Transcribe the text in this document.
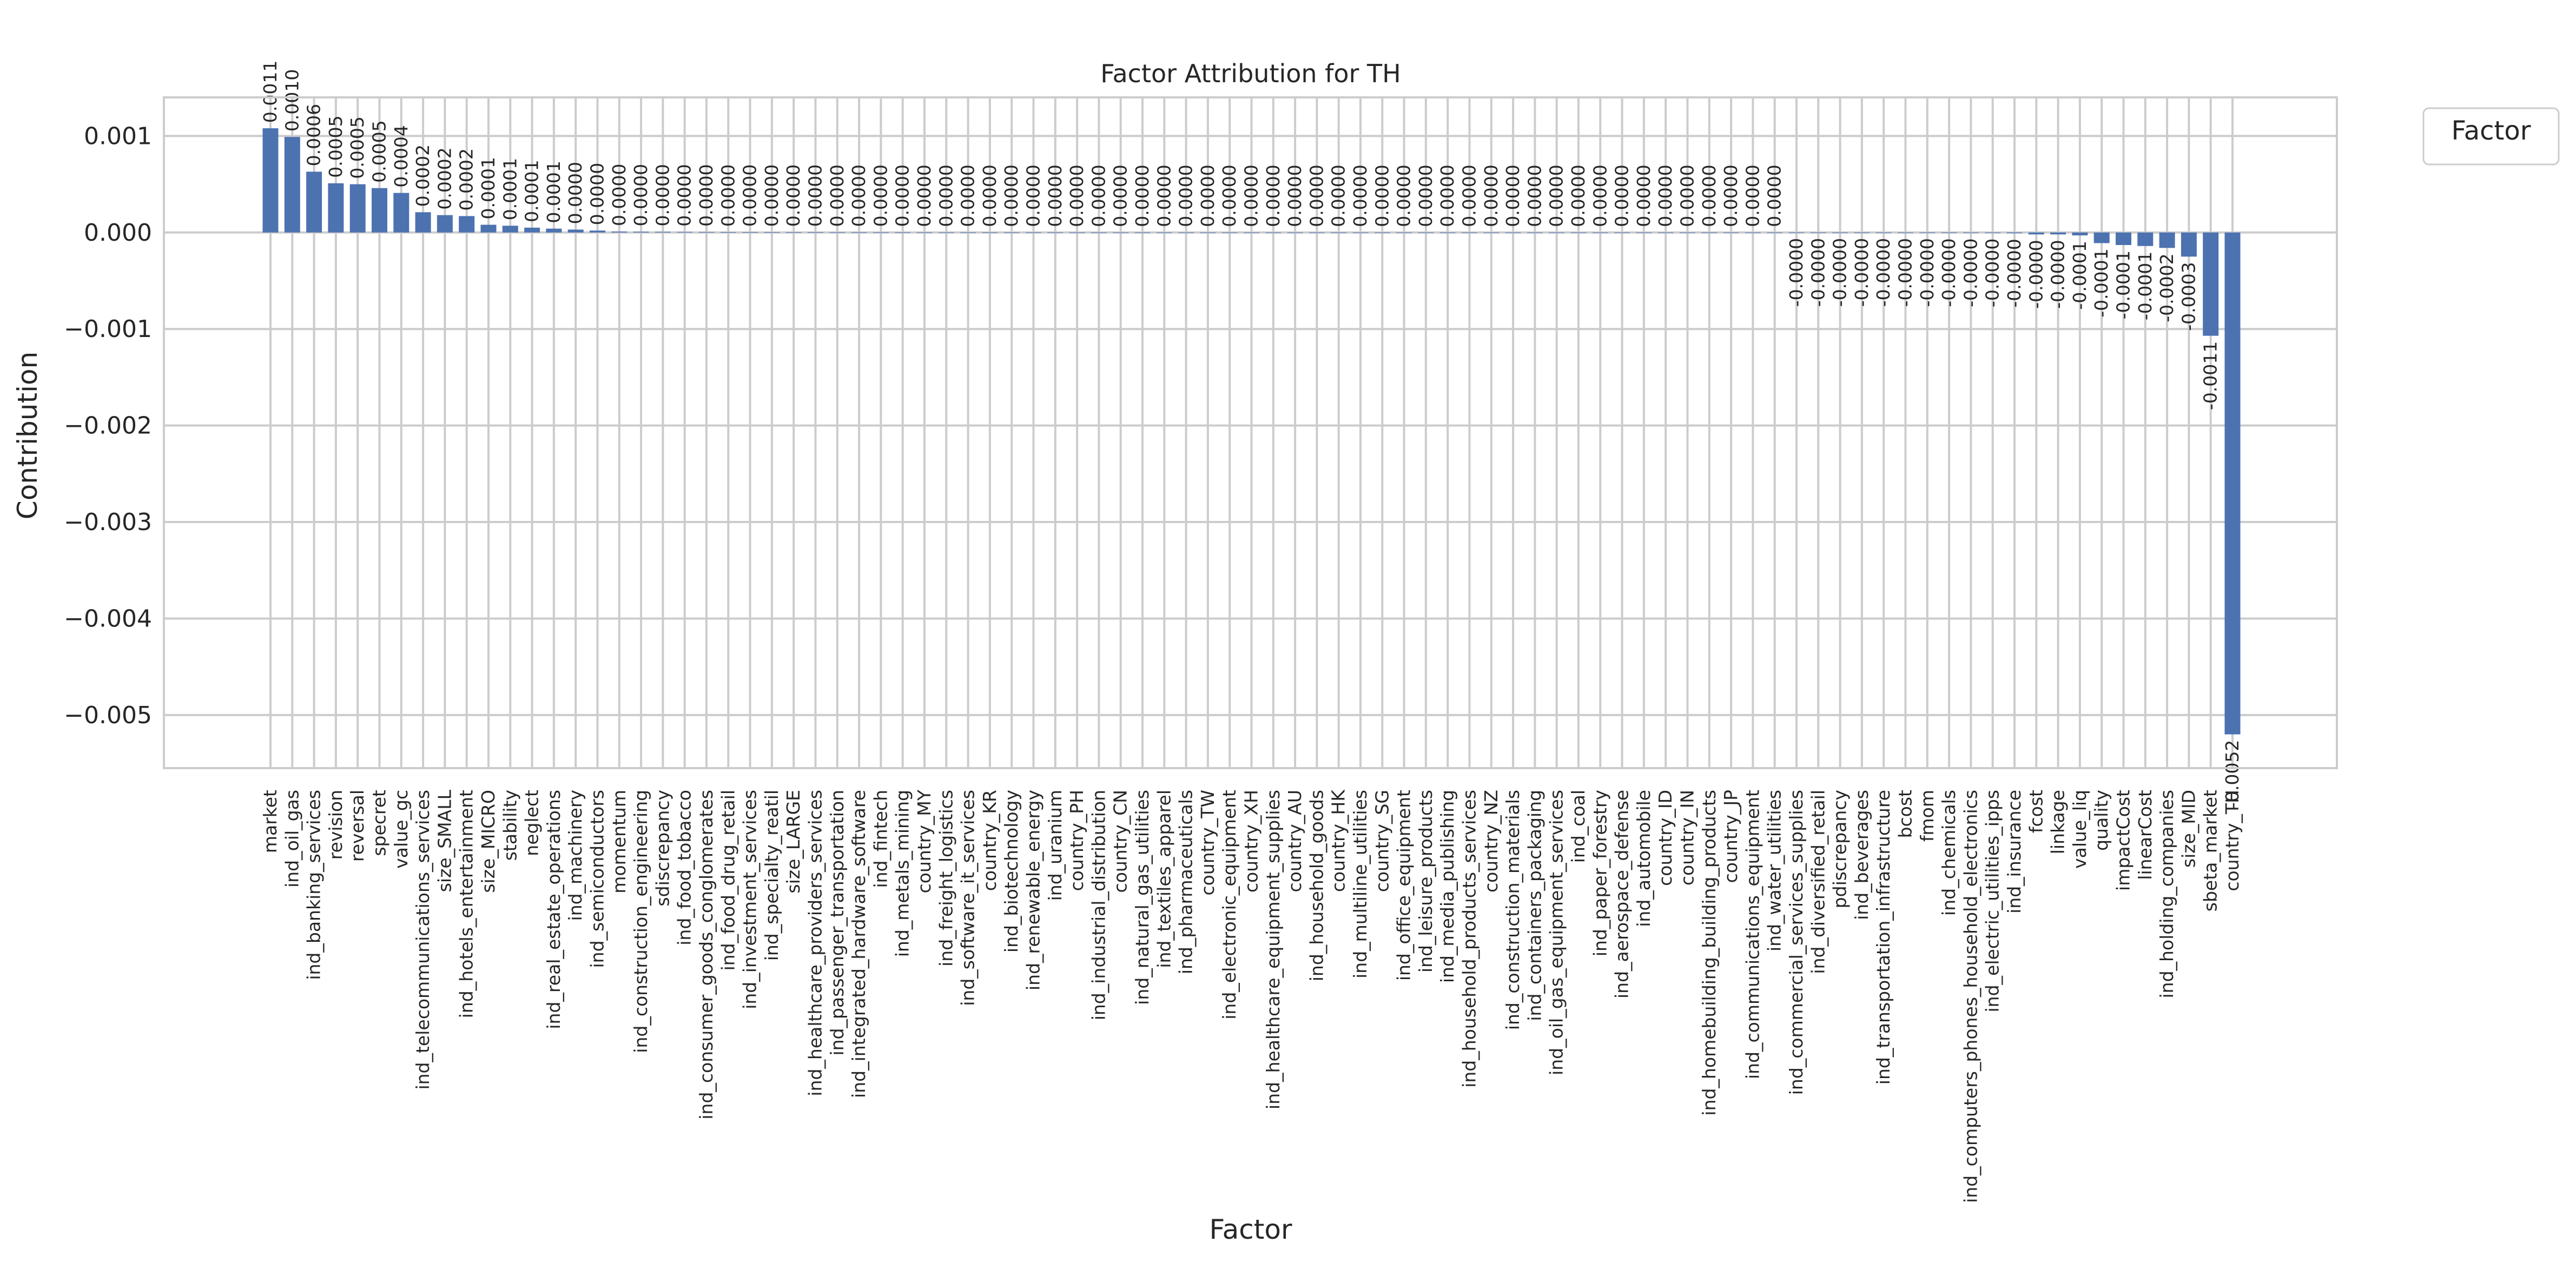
0.0011 0.0010
0.0006 0.0005 0.0005 0.0005 0.0004 0.0002 0.0002 0.0002 0.0001 0.0001 0.0001 0.0001 0.0000 0.0000 0.0000 0.0000 0.0000 0.0000 0.0000 0.0000 0.0000 0.0000 0.0000 0.0000 0.0000 0.0000 0.0000 0.0000 0.0000 0.0000 0.0000 0.0000 0.0000 0.0000 0.0000 0.0000 0.0000 0.0000 0.0000 0.0000 0.0000 0.0000 0.0000 0.0000 0.0000 0.0000 0.0000 0.0000 0.0000 0.0000 0.0000 0.0000 0.0000 0.0000 0.0000 0.0000 0.0000 0.0000 0.0000 0.0000 0.0000 0.0000 0.0000 0.0000 0.0000 0.0000 0.0000 0.0000
-0.0000 -0.0000 -0.0000 -0.0000 -0.0000 -0.0000 -0.0000 -0.0000 -0.0000 -0.0000 -0.0000 -0.0000 -0.0000 -0.0001 -0.0001 -0.0001 -0.0001 -0.0002 -0.0003
-0.0011
-0.0052
market ind_oil_gas ind_banking_services revision reversal specret value_gc ind_telecommunications_services size_SMALL ind_hotels_entertainment size_MICRO stability neglect ind_real_estate_operations ind_machinery ind_semiconductors momentum ind_construction_engineering sdiscrepancy ind_food_tobacco ind_consumer_goods_conglomerates ind_food_drug_retail ind_investment_services ind_specialty_reatil size_LARGE ind_healthcare_providers_services ind_passenger_transportation ind_integrated_hardware_software ind_fintech ind_metals_mining country_MY ind_freight_logistics ind_software_it_services country_KR ind_biotechnology ind_renewable_energy ind_uranium country_PH ind_industrial_distribution country_CN ind_natural_gas_utilities ind_textiles_apparel ind_pharmaceuticals country_TW ind_electronic_equipment country_XH ind_healthcare_equipment_supplies country_AU ind_household_goods country_HK ind_multiline_utilities country_SG ind_office_equipment ind_leisure_products ind_media_publishing ind_household_products_services country_NZ ind_construction_materials ind_containers_packaging ind_oil_gas_equipment_services ind_coal ind_paper_forestry ind_aerospace_defense ind_automobile country_ID country_IN ind_homebuilding_building_products country_JP ind_communications_equipment ind_water_utilities ind_commercial_services_supplies ind_diversified_retail pdiscrepancy ind_beverages ind_transportation_infrastructure bcost fmom ind_chemicals ind_computers_phones_household_electronics ind_electric_utilities_ipps ind_insurance fcost linkage value_liq quality impactCost linearCost ind_holding_companies size_MID sbeta_market country_TH
0.001
0.000
−0.001
−0.002
−0.003
−0.004
−0.005
Factor Attribution for TH
Factor
Contribution
Factor
